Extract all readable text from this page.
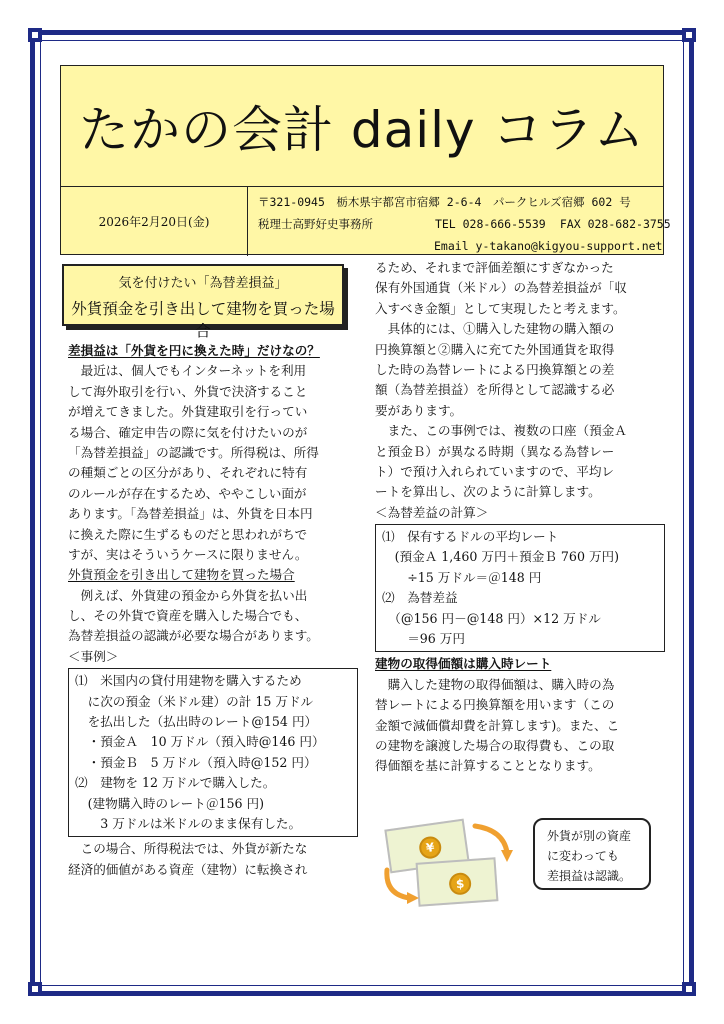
たかの会計 daily コラム
2026年2月20日(金)
〒321-0945　栃木県宇都宮市宿郷 2-6-4　パークヒルズ宿郷 602 号
税理士高野好史事務所	TEL 028-666-5539 FAX 028-682-3755
Email y-takano@kigyou-support.net
気を付けたい「為替差損益」
外貨預金を引き出して建物を買った場合
差損益は「外貨を円に換えた時」だけなの？
　最近は、個人でもインターネットを利用
して海外取引を行い、外貨で決済すること
が増えてきました。外貨建取引を行ってい
る場合、確定申告の際に気を付けたいのが
「為替差損益」の認識です。所得税は、所得
の種類ごとの区分があり、それぞれに特有
のルールが存在するため、ややこしい面が
あります。「為替差損益」は、外貨を日本円
に換えた際に生ずるものだと思われがちで
すが、実はそういうケースに限りません。
外貨預金を引き出して建物を買った場合
　例えば、外貨建の預金から外貨を払い出
し、その外貨で資産を購入した場合でも、
為替差損益の認識が必要な場合があります。
＜事例＞
⑴　米国内の貸付用建物を購入するため
　に次の預金（米ドル建）の計 15 万ドル
　を払出した（払出時のレート@154 円）
　・預金Ａ　10 万ドル（預入時@146 円）
　・預金Ｂ　5 万ドル（預入時@152 円）
⑵　建物を 12 万ドルで購入した。
　(建物購入時のレート＠156 円)
　　3 万ドルは米ドルのまま保有した。
　この場合、所得税法では、外貨が新たな
経済的価値がある資産（建物）に転換され
るため、それまで評価差額にすぎなかった
保有外国通貨（米ドル）の為替差損益が「収
入すべき金額」として実現したと考えます。
　具体的には、①購入した建物の購入額の
円換算額と②購入に充てた外国通貨を取得
した時の為替レートによる円換算額との差
額（為替差損益）を所得として認識する必
要があります。
　また、この事例では、複数の口座（預金Ａ
と預金Ｂ）が異なる時期（異なる為替レー
ト）で預け入れられていますので、平均レ
ートを算出し、次のように計算します。
＜為替差益の計算＞
⑴　保有するドルの平均レート
　(預金Ａ 1,460 万円＋預金Ｂ 760 万円)
　　÷15 万ドル＝＠148 円
⑵　為替差益
　（@156 円－@148 円）×12 万ドル
　　＝96 万円
建物の取得価額は購入時レート
　購入した建物の取得価額は、購入時の為
替レートによる円換算額を用います（この
金額で減価償却費を計算します)。また、こ
の建物を譲渡した場合の取得費も、この取
得価額を基に計算することとなります。
¥
$
外貨が別の資産
に変わっても
差損益は認識。
